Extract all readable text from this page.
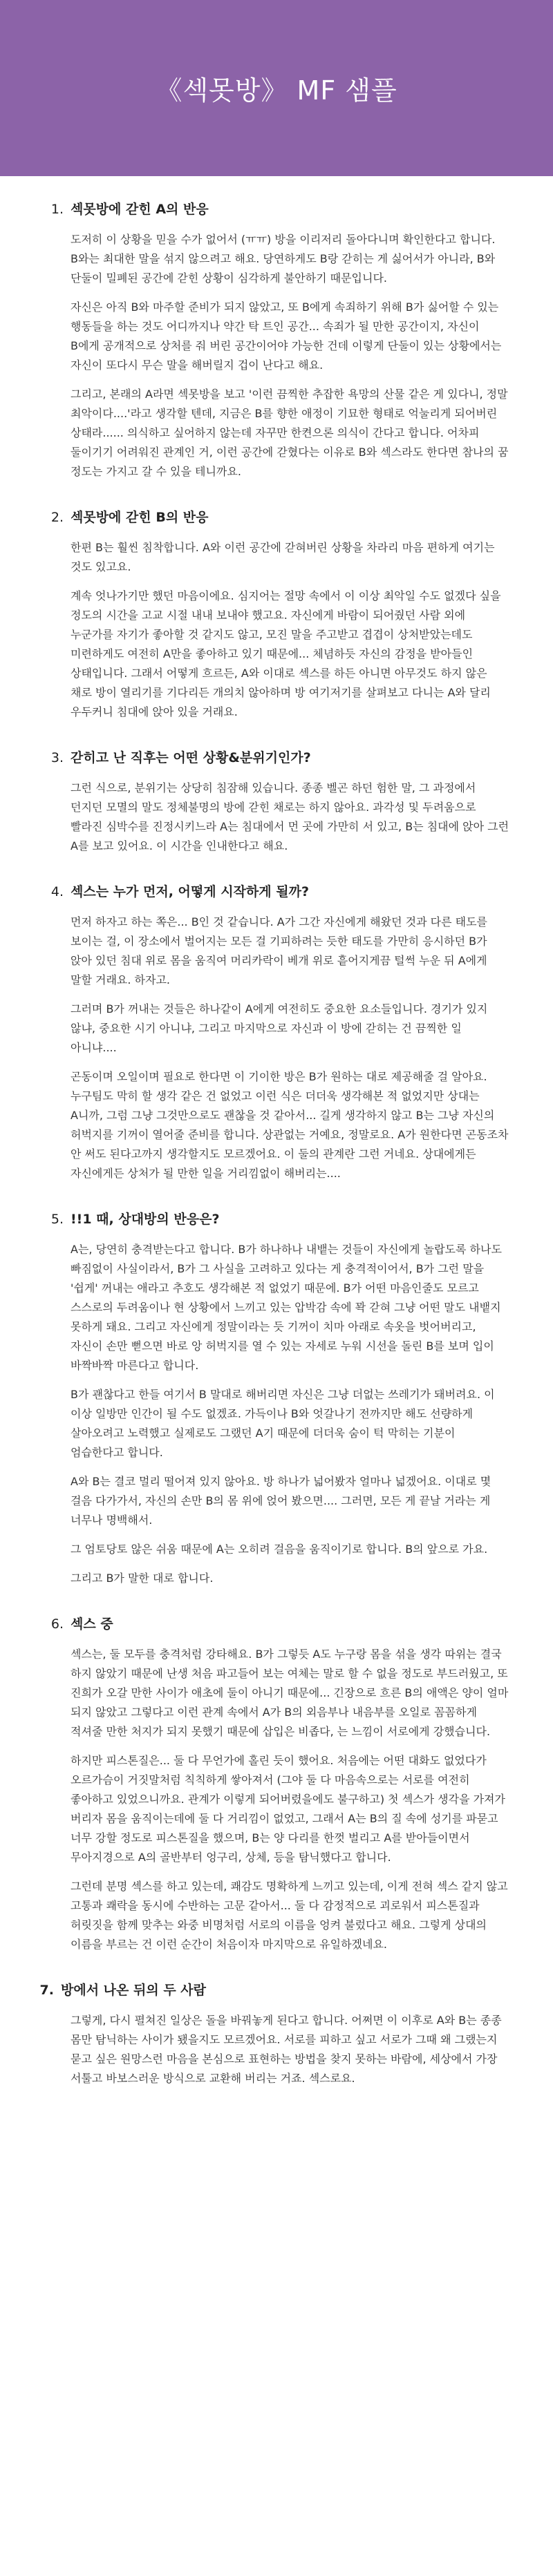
《섹못방》 MF 샘플
1. 섹못방에 갇힌 A의 반응

도저히 이 상황을 믿을 수가 없어서 (ㅠㅠ) 방을 이리저리 돌아다니며 확인한다고 합니다. B와는 최대한 말을 섞지 않으려고 해요. 당연하게도 B랑 갇히는 게 싫어서가 아니라, B와 단둘이 밀폐된 공간에 갇힌 상황이 심각하게 불안하기 때문입니다.

자신은 아직 B와 마주할 준비가 되지 않았고, 또 B에게 속죄하기 위해 B가 싫어할 수 있는 행동들을 하는 것도 어디까지나 약간 탁 트인 공간... 속죄가 될 만한 공간이지, 자신이 B에게 공개적으로 상처를 줘 버린 공간이어야 가능한 건데 이렇게 단둘이 있는 상황에서는 자신이 또다시 무슨 말을 해버릴지 겁이 난다고 해요.

그리고, 본래의 A라면 섹못방을 보고 '이런 끔찍한 추잡한 욕망의 산물 같은 게 있다니, 정말 최악이다....'라고 생각할 텐데, 지금은 B를 향한 애정이 기묘한 형태로 억눌리게 되어버린 상태라...... 의식하고 싶어하지 않는데 자꾸만 한켠으론 의식이 간다고 합니다. 어차피 둘이기기 어려워진 관계인 거, 이런 공간에 갇혔다는 이유로 B와 섹스라도 한다면 참나의 꿈 정도는 가지고 갈 수 있을 테니까요.

2. 섹못방에 갇힌 B의 반응

한편 B는 훨씬 침착합니다. A와 이런 공간에 갇혀버린 상황을 차라리 마음 편하게 여기는 것도 있고요.

계속 엇나가기만 했던 마음이에요. 심지어는 절망 속에서 이 이상 최악일 수도 없겠다 싶을 정도의 시간을 고교 시절 내내 보내야 했고요. 자신에게 바람이 되어줬던 사람 외에 누군가를 자기가 좋아할 것 같지도 않고, 모진 말을 주고받고 겹겹이 상처받았는데도 미련하게도 여전히 A만을 좋아하고 있기 때문에... 체념하듯 자신의 감정을 받아들인 상태입니다. 그래서 어떻게 흐르든, A와 이대로 섹스를 하든 아니면 아무것도 하지 않은 채로 방이 열리기를 기다리든 개의치 않아하며 방 여기저기를 살펴보고 다니는 A와 달리 우두커니 침대에 앉아 있을 거래요.

3. 갇히고 난 직후는 어떤 상황&분위기인가?

그런 식으로, 분위기는 상당히 침잠해 있습니다. 종종 벨곤 하던 험한 말, 그 과정에서 던지던 모멸의 말도 정체불명의 방에 갇힌 채로는 하지 않아요. 과각성 및 두려움으로 빨라진 심박수를 진정시키느라 A는 침대에서 먼 곳에 가만히 서 있고, B는 침대에 앉아 그런 A를 보고 있어요. 이 시간을 인내한다고 해요.

4. 섹스는 누가 먼저, 어떻게 시작하게 될까?

먼저 하자고 하는 쪽은... B인 것 같습니다. A가 그간 자신에게 해왔던 것과 다른 태도를 보이는 걸, 이 장소에서 벌어지는 모든 걸 기피하려는 듯한 태도를 가만히 응시하던 B가 앉아 있던 침대 위로 몸을 움직여 머리카락이 베개 위로 흩어지게끔 털썩 누운 뒤 A에게 말할 거래요. 하자고.

그러며 B가 꺼내는 것들은 하나같이 A에게 여전히도 중요한 요소들입니다. 경기가 있지 않냐, 중요한 시기 아니냐, 그리고 마지막으로 자신과 이 방에 갇히는 건 끔찍한 일 아니냐....

곤동이며 오일이며 필요로 한다면 이 기이한 방은 B가 원하는 대로 제공해줄 걸 알아요. 누구팀도 막히 할 생각 같은 건 없었고 이런 식은 더더욱 생각해본 적 없었지만 상대는 A니까, 그럼 그냥 그것만으로도 괜찮을 것 같아서... 길게 생각하지 않고 B는 그냥 자신의 허벅지를 기꺼이 열어줄 준비를 합니다. 상관없는 거예요, 정말로요. A가 원한다면 곤동조차 안 써도 된다고까지 생각할지도 모르겠어요. 이 둘의 관계란 그런 거네요. 상대에게든 자신에게든 상처가 될 만한 일을 거리낌없이 해버리는....

5. !!1 때, 상대방의 반응은?

A는, 당연히 충격받는다고 합니다. B가 하나하나 내뱉는 것들이 자신에게 놀랍도록 하나도 빠짐없이 사실이라서, B가 그 사실을 고려하고 있다는 게 충격적이어서, B가 그런 말을 '쉽게' 꺼내는 애라고 추호도 생각해본 적 없었기 때문에. B가 어떤 마음인줄도 모르고 스스로의 두려움이나 현 상황에서 느끼고 있는 압박감 속에 꽉 갇혀 그냥 어떤 말도 내뱉지 못하게 돼요. 그리고 자신에게 정말이라는 듯 기꺼이 치마 아래로 속옷을 벗어버리고, 자신이 손만 뻗으면 바로 앙 허벅지를 열 수 있는 자세로 누워 시선을 돌린 B를 보며 입이 바짝바짝 마른다고 합니다.

B가 괜찮다고 한들 여기서 B 말대로 해버리면 자신은 그냥 더없는 쓰레기가 돼버려요. 이 이상 일방만 인간이 될 수도 없겠죠. 가득이나 B와 엇갈나기 전까지만 해도 선량하게 살아오려고 노력했고 실제로도 그랬던 A기 때문에 더더욱 숨이 턱 막히는 기분이 엄습한다고 합니다.

A와 B는 결코 멀리 떨어져 있지 않아요. 방 하나가 넓어봤자 얼마나 넓겠어요. 이대로 몇 걸음 다가가서, 자신의 손만 B의 몸 위에 얹어 봤으면.... 그러면, 모든 게 끝날 거라는 게 너무나 명백해서.

그 엄토당토 않은 쉬움 때문에 A는 오히려 걸음을 움직이기로 합니다. B의 앞으로 가요.

그리고 B가 말한 대로 합니다.

6. 섹스 중

섹스는, 둘 모두를 충격처럼 강타해요. B가 그렇듯 A도 누구랑 몸을 섞을 생각 따위는 결국 하지 않았기 때문에 난생 처음 파고들어 보는 여체는 말로 할 수 없을 정도로 부드러웠고, 또 진희가 오갈 만한 사이가 애초에 둘이 아니기 때문에... 긴장으로 흐른 B의 애액은 양이 얼마 되지 않았고 그렇다고 이런 관계 속에서 A가 B의 외음부나 내음부를 오일로 꼼꼼하게 적셔줄 만한 처지가 되지 못했기 때문에 삽입은 비좁다, 는 느낌이 서로에게 강했습니다.

하지만 피스톤질은... 둘 다 무언가에 홀린 듯이 했어요. 처음에는 어떤 대화도 없었다가 오르가슴이 거짓말처럼 칙칙하게 쌓아져서 (그야 둘 다 마음속으로는 서로를 여전히 좋아하고 있었으니까요. 관계가 이렇게 되어버렸을에도 불구하고) 첫 섹스가 생각을 가져가 버리자 몸을 움직이는데에 둘 다 거리낌이 없었고, 그래서 A는 B의 질 속에 성기를 파묻고 너무 강할 정도로 피스톤질을 했으며, B는 양 다리를 한껏 벌리고 A를 받아들이면서 무아지경으로 A의 골반부터 엉구리, 상체, 등을 탐닉했다고 합니다.

그런데 분명 섹스를 하고 있는데, 쾌감도 명확하게 느끼고 있는데, 이게 전혀 섹스 같지 않고 고통과 쾌락을 동시에 수반하는 고문 같아서... 둘 다 감정적으로 괴로워서 피스톤질과 허릿짓을 함께 맞추는 와중 비명처럼 서로의 이름을 엉켜 불렀다고 해요. 그렇게 상대의 이름을 부르는 건 이런 순간이 처음이자 마지막으로 유일하겠네요.

7. 방에서 나온 뒤의 두 사람

그렇게, 다시 펼쳐진 일상은 돌을 바꿔놓게 된다고 합니다. 어쩌면 이 이후로 A와 B는 종종 몸만 탐닉하는 사이가 됐을지도 모르겠어요. 서로를 피하고 싶고 서로가 그때 왜 그랬는지 묻고 싶은 원망스런 마음을 본심으로 표현하는 방법을 찾지 못하는 바람에, 세상에서 가장 서툴고 바보스러운 방식으로 교환해 버리는 거죠. 섹스로요.
